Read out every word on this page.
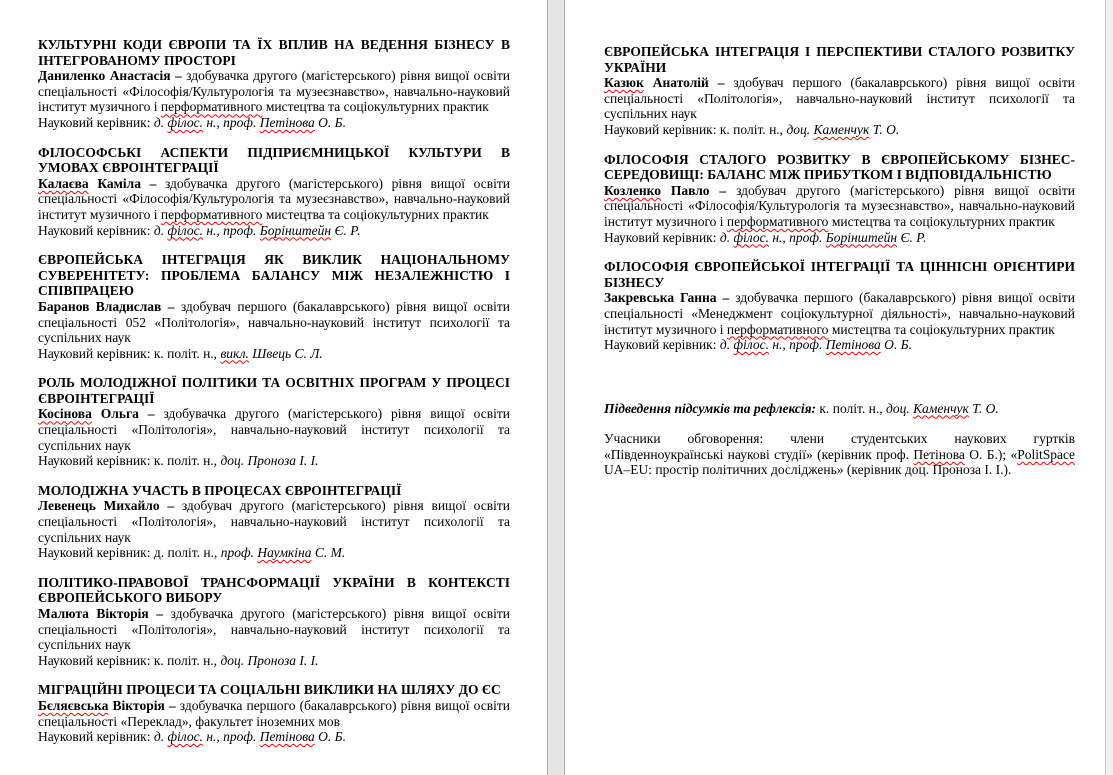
КУЛЬТУРНІ КОДИ ЄВРОПИ ТА ЇХ ВПЛИВ НА ВЕДЕННЯ БІЗНЕСУ В ІНТЕГРОВАНОМУ ПРОСТОРІ

Даниленко Анастасія – здобувачка другого (магістерського) рівня вищої освіти спеціальності «Філософія/Культурологія та музеєзнавство», навчально-науковий інститут музичного і перформативного мистецтва та соціокультурних практик

Науковий керівник: д. філос. н., проф. Петінова О. Б.

ФІЛОСОФСЬКІ АСПЕКТИ ПІДПРИЄМНИЦЬКОЇ КУЛЬТУРИ В УМОВАХ ЄВРОІНТЕГРАЦІЇ

Калаєва Каміла – здобувачка другого (магістерського) рівня вищої освіти спеціальності «Філософія/Культурологія та музеєзнавство», навчально-науковий інститут музичного і перформативного мистецтва та соціокультурних практик

Науковий керівник: д. філос. н., проф. Борінштейн Є. Р.

ЄВРОПЕЙСЬКА ІНТЕГРАЦІЯ ЯК ВИКЛИК НАЦІОНАЛЬНОМУ СУВЕРЕНІТЕТУ: ПРОБЛЕМА БАЛАНСУ МІЖ НЕЗАЛЕЖНІСТЮ І СПІВПРАЦЕЮ

Баранов Владислав – здобувач першого (бакалаврського) рівня вищої освіти спеціальності 052 «Політологія», навчально-науковий інститут психології та суспільних наук

Науковий керівник: к. політ. н., викл. Швець С. Л.

РОЛЬ МОЛОДІЖНОЇ ПОЛІТИКИ ТА ОСВІТНІХ ПРОГРАМ У ПРОЦЕСІ ЄВРОІНТЕГРАЦІЇ

Косінова Ольга – здобувачка другого (магістерського) рівня вищої освіти спеціальності «Політологія», навчально-науковий інститут психології та суспільних наук

Науковий керівник: к. політ. н., доц. Проноза І. І.

МОЛОДІЖНА УЧАСТЬ В ПРОЦЕСАХ ЄВРОІНТЕГРАЦІЇ

Левенець Михайло – здобувач другого (магістерського) рівня вищої освіти спеціальності «Політологія», навчально-науковий інститут психології та суспільних наук

Науковий керівник: д. політ. н., проф. Наумкіна С. М.

ПОЛІТИКО-ПРАВОВОЇ ТРАНСФОРМАЦІЇ УКРАЇНИ В КОНТЕКСТІ ЄВРОПЕЙСЬКОГО ВИБОРУ

Малюта Вікторія – здобувачка другого (магістерського) рівня вищої освіти спеціальності «Політологія», навчально-науковий інститут психології та суспільних наук

Науковий керівник: к. політ. н., доц. Проноза І. І.

МІГРАЦІЙНІ ПРОЦЕСИ ТА СОЦІАЛЬНІ ВИКЛИКИ НА ШЛЯХУ ДО ЄС

Бєляєвська Вікторія – здобувачка першого (бакалаврського) рівня вищої освіти спеціальності «Переклад», факультет іноземних мов

Науковий керівник: д. філос. н., проф. Петінова О. Б.

ЄВРОПЕЙСЬКА ІНТЕГРАЦІЯ І ПЕРСПЕКТИВИ СТАЛОГО РОЗВИТКУ УКРАЇНИ

Казюк Анатолій – здобувач першого (бакалаврського) рівня вищої освіти спеціальності «Політологія», навчально-науковий інститут психології та суспільних наук

Науковий керівник: к. політ. н., доц. Каменчук Т. О.

ФІЛОСОФІЯ СТАЛОГО РОЗВИТКУ В ЄВРОПЕЙСЬКОМУ БІЗНЕС-СЕРЕДОВИЩІ: БАЛАНС МІЖ ПРИБУТКОМ І ВІДПОВІДАЛЬНІСТЮ

Козленко Павло – здобувач другого (магістерського) рівня вищої освіти спеціальності «Філософія/Культурологія та музеєзнавство», навчально-науковий інститут музичного і перформативного мистецтва та соціокультурних практик

Науковий керівник: д. філос. н., проф. Борінштейн Є. Р.

ФІЛОСОФІЯ ЄВРОПЕЙСЬКОЇ ІНТЕГРАЦІЇ ТА ЦІННІСНІ ОРІЄНТИРИ БІЗНЕСУ

Закревська Ганна – здобувачка першого (бакалаврського) рівня вищої освіти спеціальності «Менеджмент соціокультурної діяльності», навчально-науковий інститут музичного і перформативного мистецтва та соціокультурних практик

Науковий керівник: д. філос. н., проф. Петінова О. Б.

Підведення підсумків та рефлексія: к. політ. н., доц. Каменчук Т. О.

Учасники обговорення: члени студентських наукових гуртків «Південноукраїнські наукові студії» (керівник проф. Петінова О. Б.); «PolitSpace UA–EU: простір політичних досліджень» (керівник доц. Проноза І. І.).
